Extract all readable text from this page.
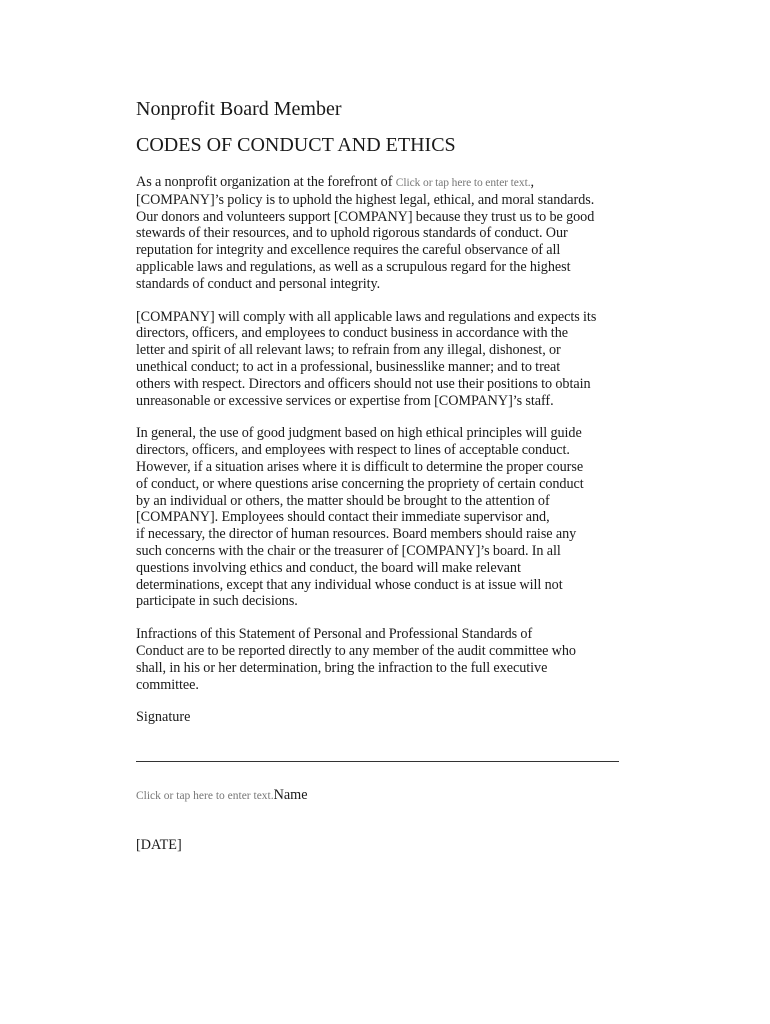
Nonprofit Board Member
CODES OF CONDUCT AND ETHICS

As a nonprofit organization at the forefront of Click or tap here to enter text.,
[COMPANY]’s policy is to uphold the highest legal, ethical, and moral standards.
Our donors and volunteers support [COMPANY] because they trust us to be good
stewards of their resources, and to uphold rigorous standards of conduct. Our
reputation for integrity and excellence requires the careful observance of all
applicable laws and regulations, as well as a scrupulous regard for the highest
standards of conduct and personal integrity.

[COMPANY] will comply with all applicable laws and regulations and expects its
directors, officers, and employees to conduct business in accordance with the
letter and spirit of all relevant laws; to refrain from any illegal, dishonest, or
unethical conduct; to act in a professional, businesslike manner; and to treat
others with respect. Directors and officers should not use their positions to obtain
unreasonable or excessive services or expertise from [COMPANY]’s staff.

In general, the use of good judgment based on high ethical principles will guide
directors, officers, and employees with respect to lines of acceptable conduct.
However, if a situation arises where it is difficult to determine the proper course
of conduct, or where questions arise concerning the propriety of certain conduct
by an individual or others, the matter should be brought to the attention of
[COMPANY]. Employees should contact their immediate supervisor and,
if necessary, the director of human resources. Board members should raise any
such concerns with the chair or the treasurer of [COMPANY]’s board. In all
questions involving ethics and conduct, the board will make relevant
determinations, except that any individual whose conduct is at issue will not
participate in such decisions.

Infractions of this Statement of Personal and Professional Standards of
Conduct are to be reported directly to any member of the audit committee who
shall, in his or her determination, bring the infraction to the full executive
committee.

Signature

Click or tap here to enter text.Name
[DATE]
